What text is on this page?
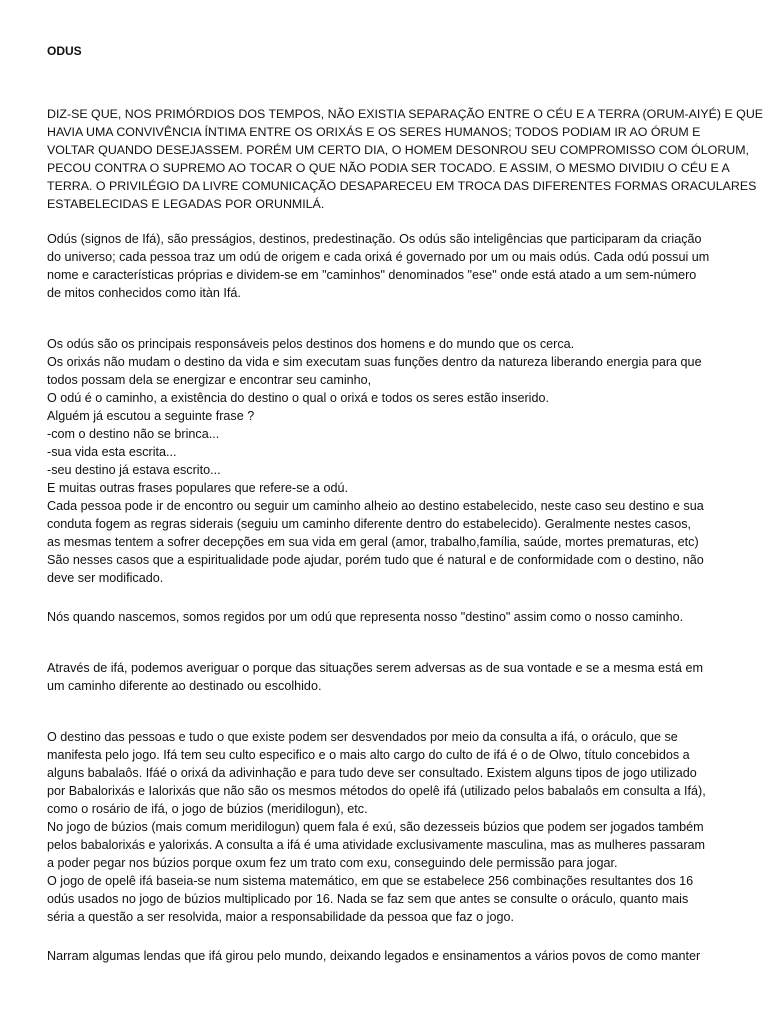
ODUS
DIZ-SE QUE, NOS PRIMÓRDIOS DOS TEMPOS, NÃO EXISTIA SEPARAÇÃO ENTRE O CÉU E A TERRA (ORUM-AIYÉ) E QUE
HAVIA UMA CONVIVÊNCIA ÍNTIMA ENTRE OS ORIXÁS E OS SERES HUMANOS; TODOS PODIAM IR AO ÓRUM E
VOLTAR QUANDO DESEJASSEM. PORÉM UM CERTO DIA, O HOMEM DESONROU SEU COMPROMISSO COM ÓLORUM,
PECOU CONTRA O SUPREMO AO TOCAR O QUE NÃO PODIA SER TOCADO. E ASSIM, O MESMO DIVIDIU O CÉU E A
TERRA. O PRIVILÉGIO DA LIVRE COMUNICAÇÃO DESAPARECEU EM TROCA DAS DIFERENTES FORMAS ORACULARES
ESTABELECIDAS E LEGADAS POR ORUNMILÁ.
Odús (signos de Ifá), são presságios, destinos, predestinação. Os odús são inteligências que participaram da criação
do universo; cada pessoa traz um odú de origem e cada orixá é governado por um ou mais odús. Cada odú possui um
nome e características próprias e dividem-se em "caminhos" denominados "ese" onde está atado a um sem-número
de mitos conhecidos como itàn Ifá.
Os odús são os principais responsáveis pelos destinos dos homens e do mundo que os cerca.
Os orixás não mudam o destino da vida e sim executam suas funções dentro da natureza liberando energia para que
todos possam dela se energizar e encontrar seu caminho,
O odú é o caminho, a existência do destino o qual o orixá e todos os seres estão inserido.
Alguém já escutou a seguinte frase ?
-com o destino não se brinca...
-sua vida esta escrita...
-seu destino já estava escrito...
E muitas outras frases populares que refere-se a odú.
Cada pessoa pode ir de encontro ou seguir um caminho alheio ao destino estabelecido, neste caso seu destino e sua
conduta fogem as regras siderais (seguiu um caminho diferente dentro do estabelecido). Geralmente nestes casos,
as mesmas tentem a sofrer decepções em sua vida em geral (amor, trabalho,família, saúde, mortes prematuras, etc)
São nesses casos que a espiritualidade pode ajudar, porém tudo que é natural e de conformidade com o destino, não
deve ser modificado.
Nós quando nascemos, somos regidos por um odú que representa nosso "destino" assim como o nosso caminho.
Através de ifá, podemos averiguar o porque das situações serem adversas as de sua vontade e se a mesma está em
um caminho diferente ao destinado ou escolhido.
O destino das pessoas e tudo o que existe podem ser desvendados por meio da consulta a ifá, o oráculo, que se
manifesta pelo jogo. Ifá tem seu culto especifico e o mais alto cargo do culto de ifá é o de Olwo, título concebidos a
alguns babalaôs. Ifáé o orixá da adivinhação e para tudo deve ser consultado. Existem alguns tipos de jogo utilizado
por Babalorixás e Ialorixás que não são os mesmos métodos do opelê ifá (utilizado pelos babalaôs em consulta a Ifá),
como o rosário de ifá, o jogo de búzios (meridilogun), etc.
No jogo de búzios (mais comum meridilogun) quem fala é exú, são dezesseis búzios que podem ser jogados também
pelos babalorixás e yalorixás. A consulta a ifá é uma atividade exclusivamente masculina, mas as mulheres passaram
a poder pegar nos búzios porque oxum fez um trato com exu, conseguindo dele permissão para jogar.
O jogo de opelê ifá baseia-se num sistema matemático, em que se estabelece 256 combinações resultantes dos 16
odús usados no jogo de búzios multiplicado por 16. Nada se faz sem que antes se consulte o oráculo, quanto mais
séria a questão a ser resolvida, maior a responsabilidade da pessoa que faz o jogo.
Narram algumas lendas que ifá girou pelo mundo, deixando legados e ensinamentos a vários povos de como manter
